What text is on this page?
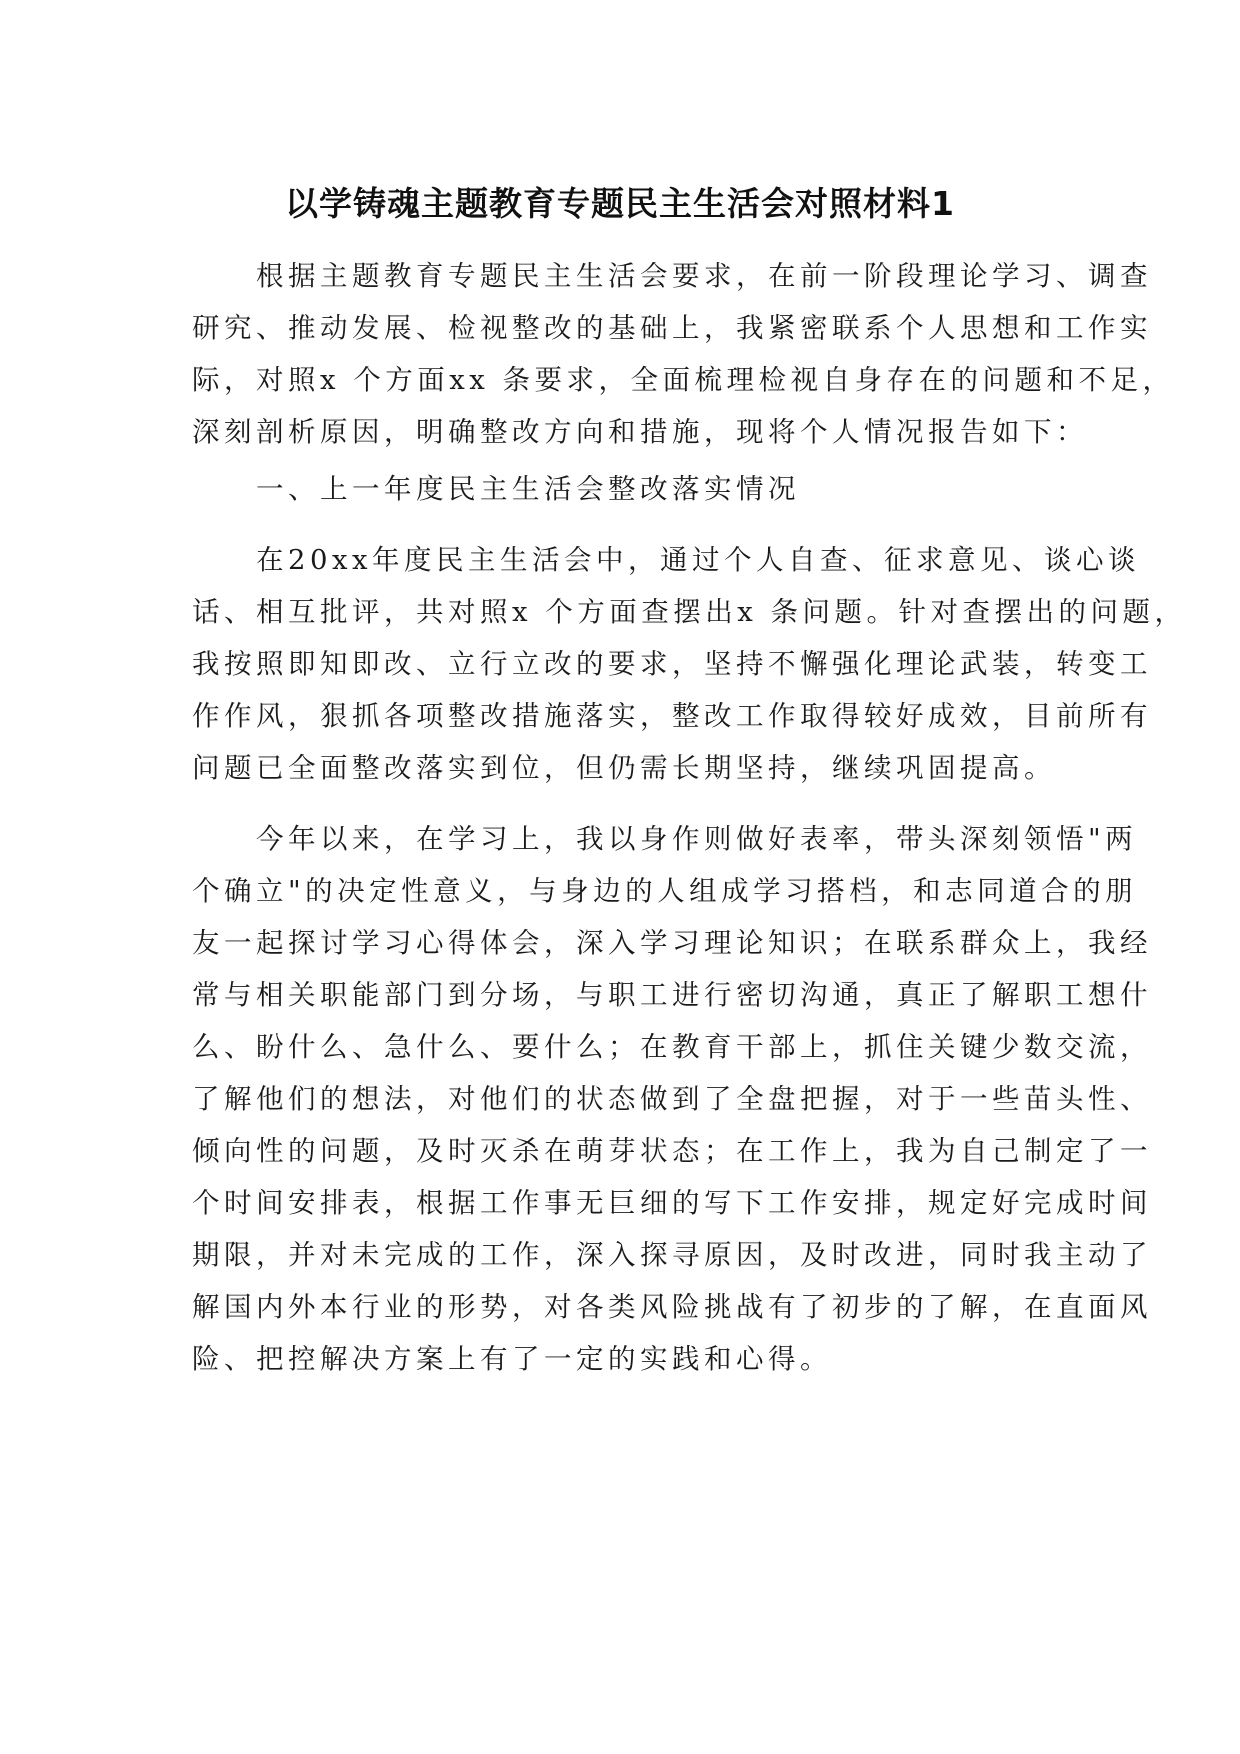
以学铸魂主题教育专题民主生活会对照材料1
　　根据主题教育专题民主生活会要求，在前一阶段理论学习、调查
研究、推动发展、检视整改的基础上，我紧密联系个人思想和工作实
际，对照x 个方面xx 条要求，全面梳理检视自身存在的问题和不足，
深刻剖析原因，明确整改方向和措施，现将个人情况报告如下：
　　一、上一年度民主生活会整改落实情况
　　在20xx年度民主生活会中，通过个人自查、征求意见、谈心谈
话、相互批评，共对照x 个方面查摆出x 条问题。针对查摆出的问题，
我按照即知即改、立行立改的要求，坚持不懈强化理论武装，转变工
作作风，狠抓各项整改措施落实，整改工作取得较好成效，目前所有
问题已全面整改落实到位，但仍需长期坚持，继续巩固提高。
　　今年以来，在学习上，我以身作则做好表率，带头深刻领悟"两
个确立"的决定性意义，与身边的人组成学习搭档，和志同道合的朋
友一起探讨学习心得体会，深入学习理论知识；在联系群众上，我经
常与相关职能部门到分场，与职工进行密切沟通，真正了解职工想什
么、盼什么、急什么、要什么；在教育干部上，抓住关键少数交流，
了解他们的想法，对他们的状态做到了全盘把握，对于一些苗头性、
倾向性的问题，及时灭杀在萌芽状态；在工作上，我为自己制定了一
个时间安排表，根据工作事无巨细的写下工作安排，规定好完成时间
期限，并对未完成的工作，深入探寻原因，及时改进，同时我主动了
解国内外本行业的形势，对各类风险挑战有了初步的了解，在直面风
险、把控解决方案上有了一定的实践和心得。
